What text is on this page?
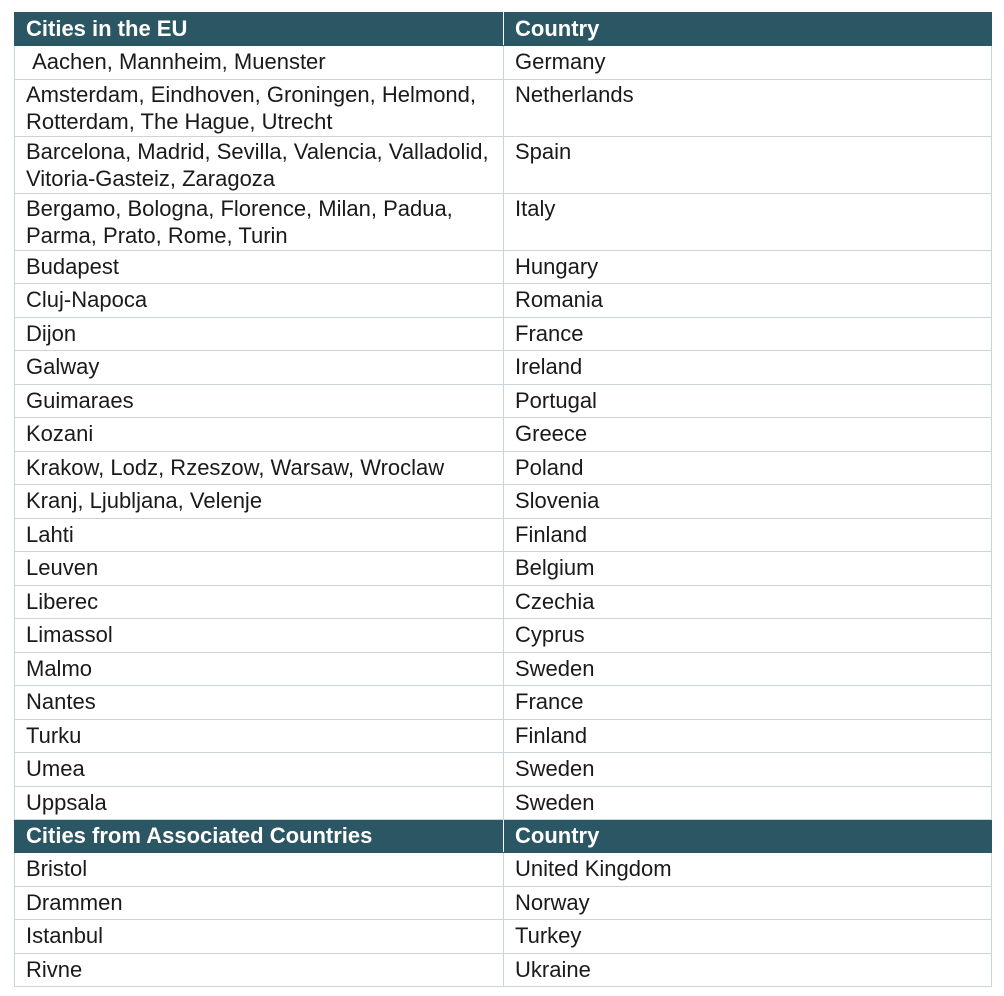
Cities in the EU	Country
Aachen, Mannheim, Muenster	Germany
Amsterdam, Eindhoven, Groningen, Helmond, Rotterdam, The Hague, Utrecht	Netherlands
Barcelona, Madrid, Sevilla, Valencia, Valladolid, Vitoria-Gasteiz, Zaragoza	Spain
Bergamo, Bologna, Florence, Milan, Padua, Parma, Prato, Rome, Turin	Italy
Budapest	Hungary
Cluj-Napoca	Romania
Dijon	France
Galway	Ireland
Guimaraes	Portugal
Kozani	Greece
Krakow, Lodz, Rzeszow, Warsaw, Wroclaw	Poland
Kranj, Ljubljana, Velenje	Slovenia
Lahti	Finland
Leuven	Belgium
Liberec	Czechia
Limassol	Cyprus
Malmo	Sweden
Nantes	France
Turku	Finland
Umea	Sweden
Uppsala	Sweden
Cities from Associated Countries	Country
Bristol	United Kingdom
Drammen	Norway
Istanbul	Turkey
Rivne	Ukraine
